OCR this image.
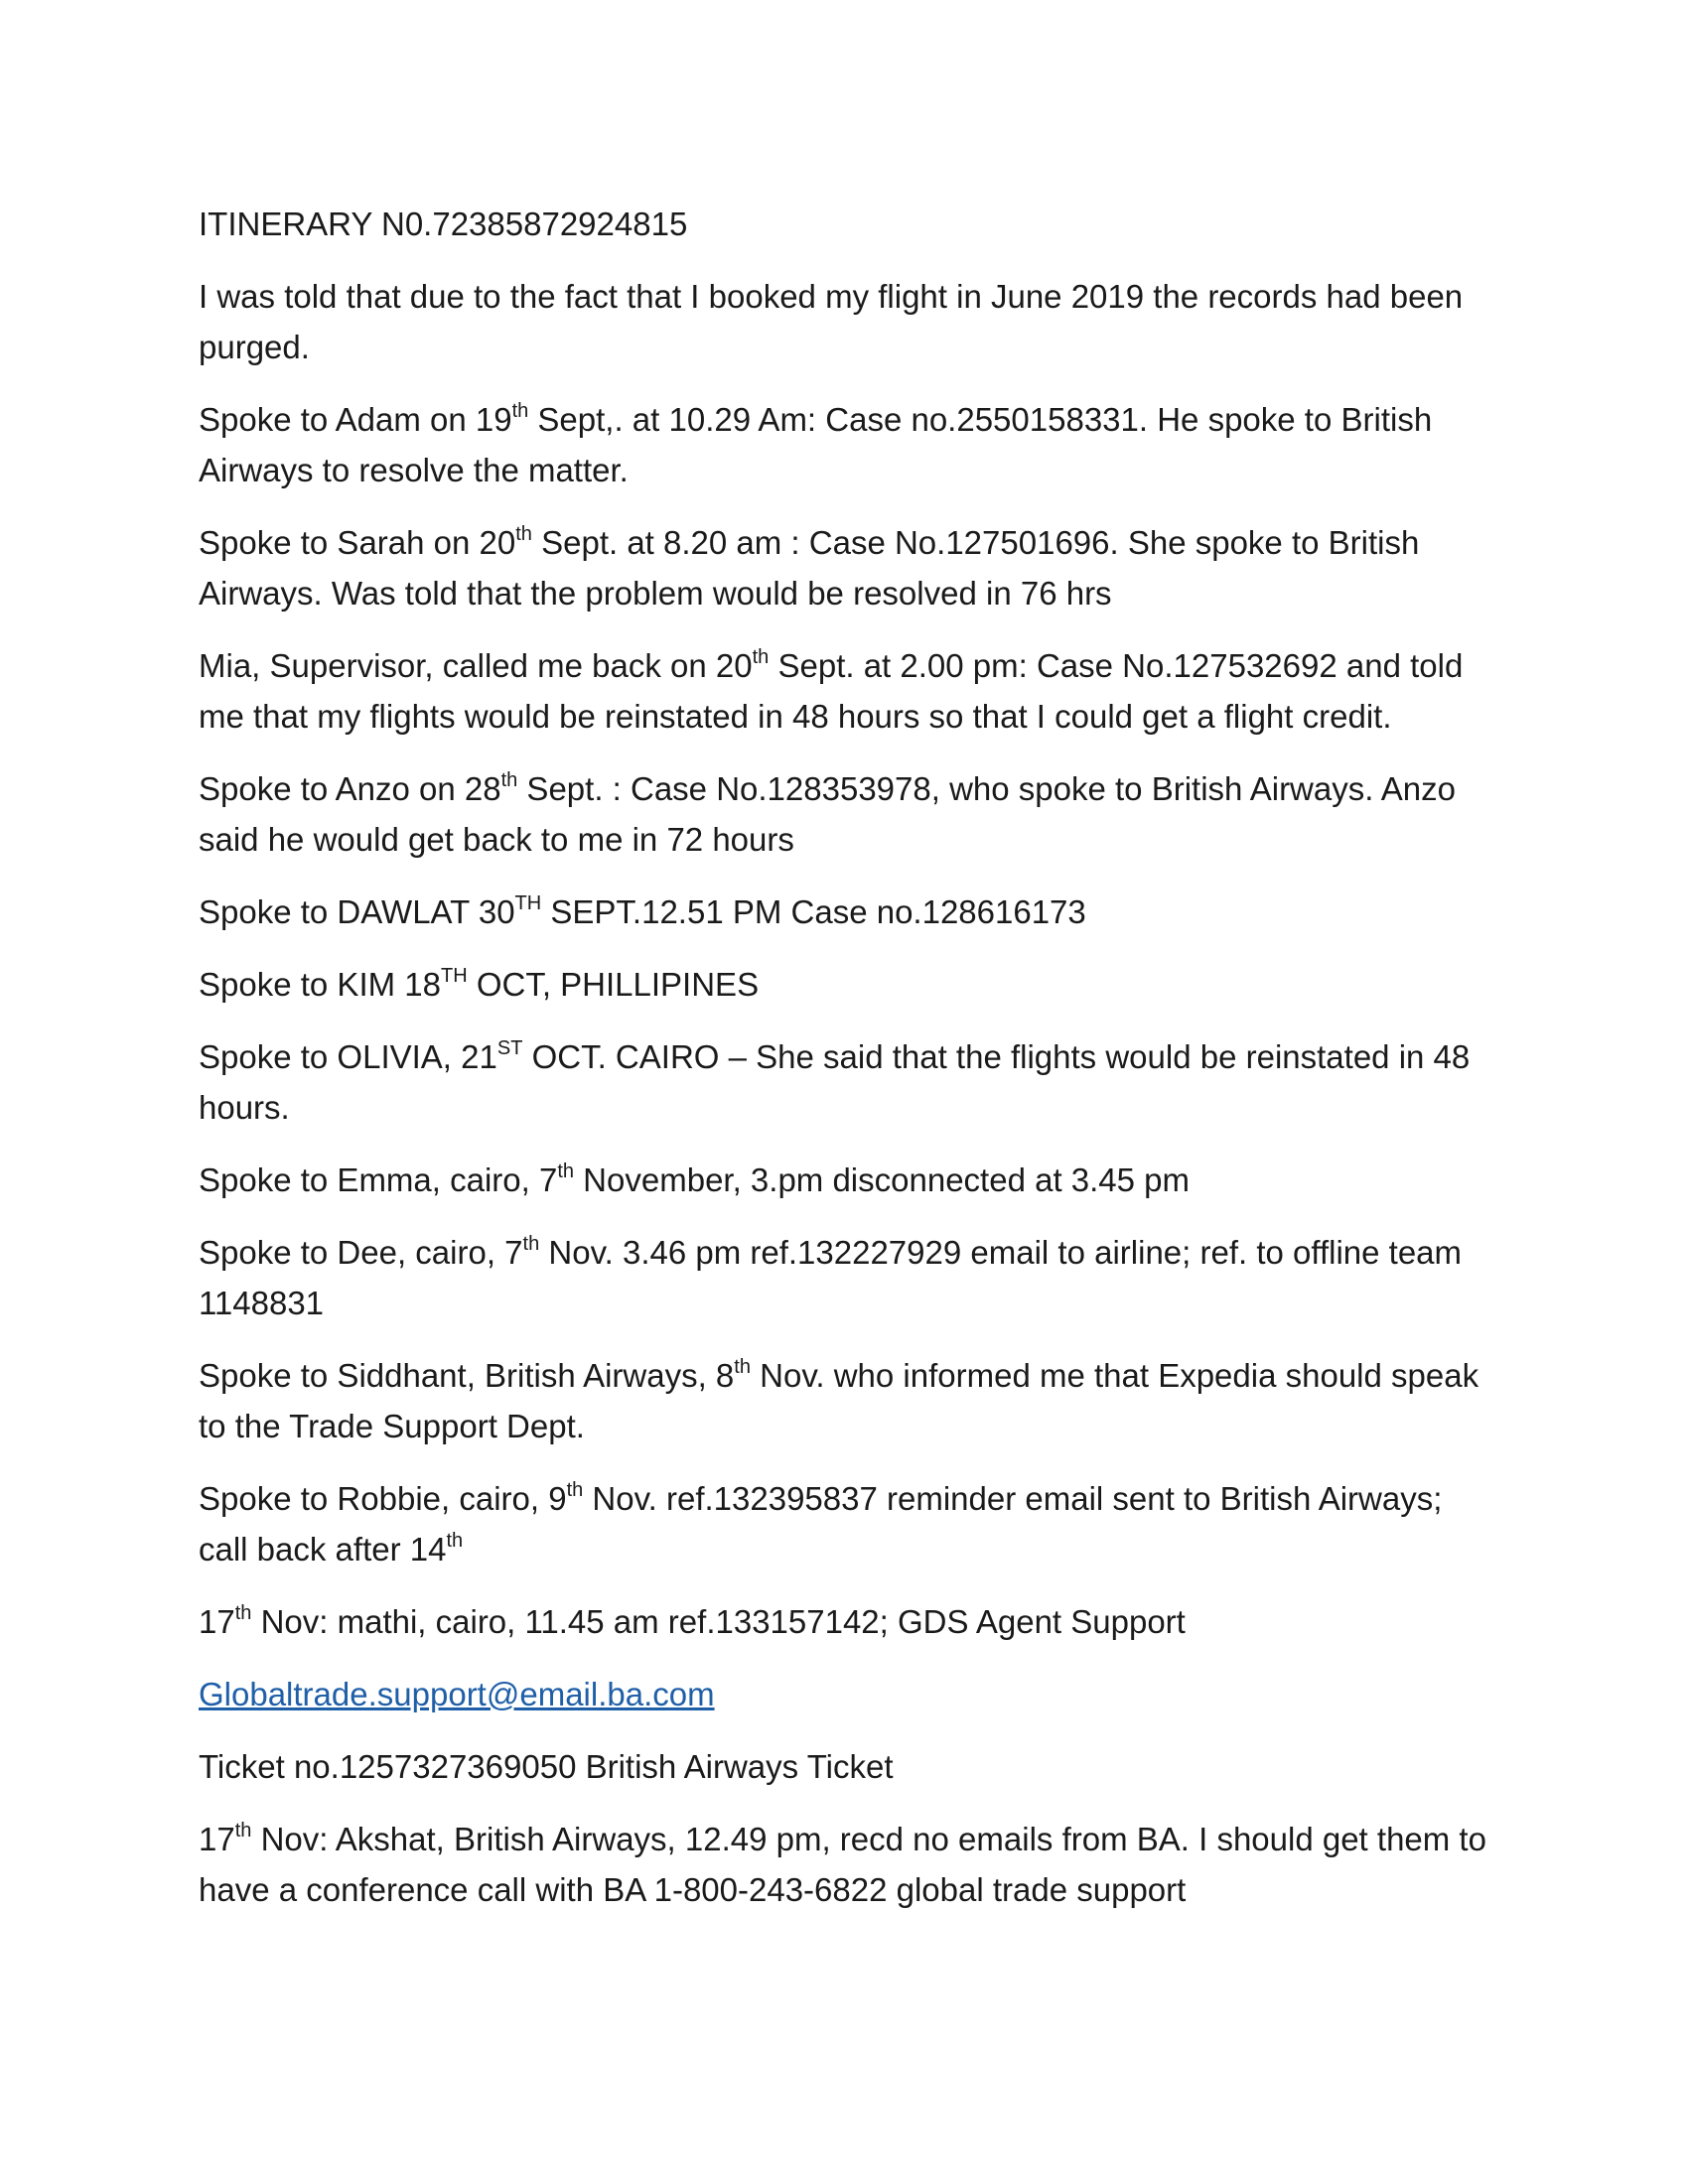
ITINERARY N0.72385872924815

I was told that due to the fact that I booked my flight in June 2019 the records had been purged.

Spoke to Adam on 19th Sept,. at 10.29 Am: Case no.2550158331. He spoke to British Airways to resolve the matter.

Spoke to Sarah on 20th Sept. at 8.20 am : Case No.127501696. She spoke to British Airways. Was told that the problem would be resolved in 76 hrs

Mia, Supervisor, called me back on 20th Sept. at 2.00 pm: Case No.127532692 and told me that my flights would be reinstated in 48 hours so that I could get a flight credit.

Spoke to Anzo on 28th Sept. : Case No.128353978, who spoke to British Airways. Anzo said he would get back to me in 72 hours

Spoke to DAWLAT 30TH SEPT.12.51 PM Case no.128616173

Spoke to KIM 18TH OCT, PHILLIPINES

Spoke to OLIVIA, 21ST OCT. CAIRO – She said that the flights would be reinstated in 48 hours.

Spoke to Emma, cairo, 7th November, 3.pm disconnected at 3.45 pm

Spoke to Dee, cairo, 7th Nov. 3.46 pm ref.132227929 email to airline; ref. to offline team 1148831

Spoke to Siddhant, British Airways, 8th Nov. who informed me that Expedia should speak to the Trade Support Dept.

Spoke to Robbie, cairo, 9th Nov. ref.132395837 reminder email sent to British Airways; call back after 14th

17th Nov: mathi, cairo, 11.45 am ref.133157142; GDS Agent Support

Globaltrade.support@email.ba.com

Ticket no.1257327369050 British Airways Ticket

17th Nov: Akshat, British Airways, 12.49 pm, recd no emails from BA. I should get them to have a conference call with BA 1-800-243-6822 global trade support
